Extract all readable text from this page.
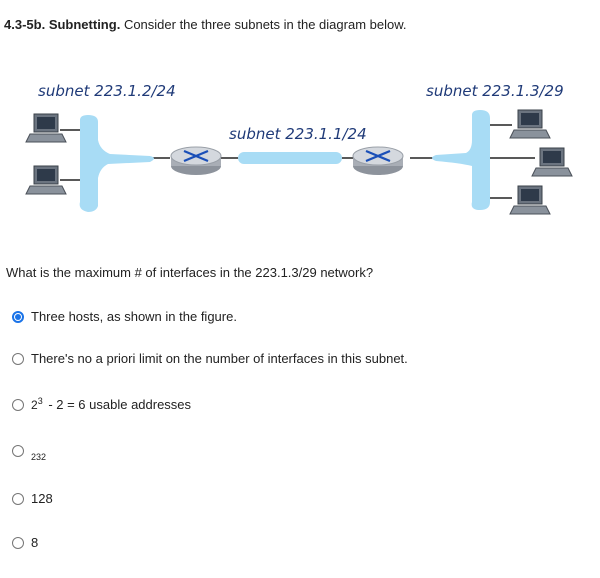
4.3-5b. Subnetting. Consider the three subnets in the diagram below.
subnet 223.1.2/24
subnet 223.1.1/24
subnet 223.1.3/29
What is the maximum # of interfaces in the 223.1.3/29 network?
Three hosts, as shown in the figure.
There's no a priori limit on the number of interfaces in this subnet.
$2^3 - 2 = 6$ usable addresses
$_{232}$
128
8
